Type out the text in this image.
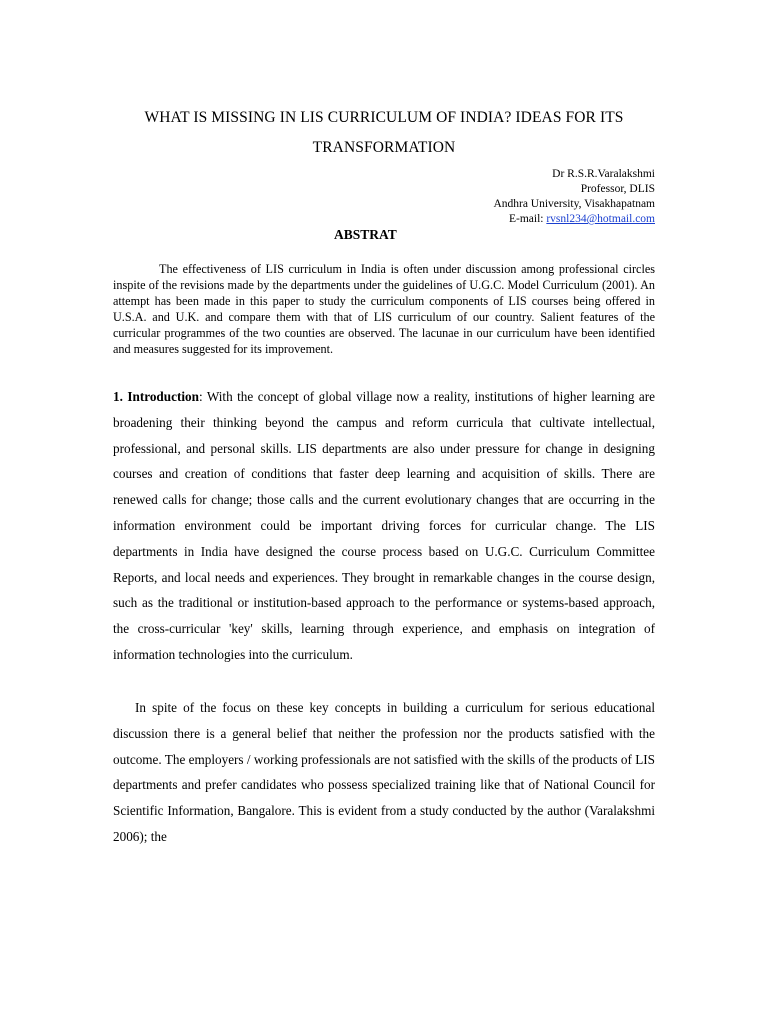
WHAT IS MISSING IN LIS CURRICULUM OF INDIA? IDEAS FOR ITS
TRANSFORMATION
Dr R.S.R.Varalakshmi
Professor, DLIS
Andhra University, Visakhapatnam
E-mail: rvsnl234@hotmail.com
ABSTRAT

The effectiveness of LIS curriculum in India is often under discussion among professional circles inspite of the revisions made by the departments under the guidelines of U.G.C. Model Curriculum (2001). An attempt has been made in this paper to study the curriculum components of LIS courses being offered in U.S.A. and U.K. and compare them with that of LIS curriculum of our country. Salient features of the curricular programmes of the two counties are observed. The lacunae in our curriculum have been identified and measures suggested for its improvement.

1. Introduction: With the concept of global village now a reality, institutions of higher learning are broadening their thinking beyond the campus and reform curricula that cultivate intellectual, professional, and personal skills. LIS departments are also under pressure for change in designing courses and creation of conditions that faster deep learning and acquisition of skills. There are renewed calls for change; those calls and the current evolutionary changes that are occurring in the information environment could be important driving forces for curricular change. The LIS departments in India have designed the course process based on U.G.C. Curriculum Committee Reports, and local needs and experiences. They brought in remarkable changes in the course design, such as the traditional or institution-based approach to the performance or systems-based approach, the cross-curricular 'key' skills, learning through experience, and emphasis on integration of information technologies into the curriculum.

In spite of the focus on these key concepts in building a curriculum for serious educational discussion there is a general belief that neither the profession nor the products satisfied with the outcome. The employers / working professionals are not satisfied with the skills of the products of LIS departments and prefer candidates who possess specialized training like that of National Council for Scientific Information, Bangalore. This is evident from a study conducted by the author (Varalakshmi 2006); the
